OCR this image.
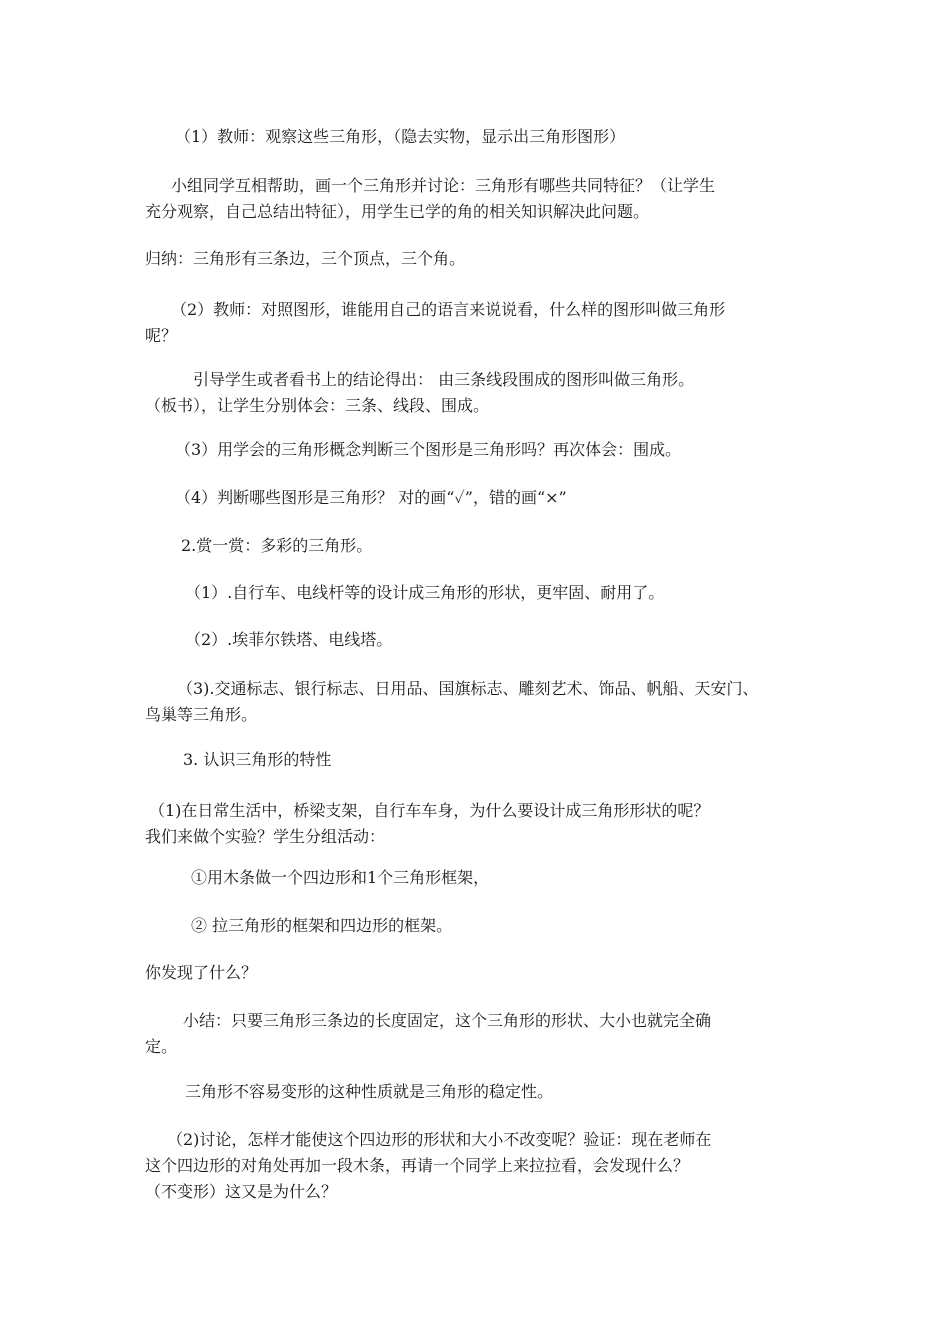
（1）教师：观察这些三角形，（隐去实物，显示出三角形图形）
小组同学互相帮助，画一个三角形并讨论：三角形有哪些共同特征？（让学生
充分观察，自己总结出特征），用学生已学的角的相关知识解决此问题。
归纳：三角形有三条边，三个顶点，三个角。
（2）教师：对照图形，谁能用自己的语言来说说看，什么样的图形叫做三角形
呢？
引导学生或者看书上的结论得出： 由三条线段围成的图形叫做三角形。
（板书），让学生分别体会：三条、线段、围成。
（3）用学会的三角形概念判断三个图形是三角形吗？再次体会：围成。
（4）判断哪些图形是三角形？ 对的画“✓”，错的画“×”
2.赏一赏：多彩的三角形。
（1）.自行车、电线杆等的设计成三角形的形状，更牢固、耐用了。
（2）.埃菲尔铁塔、电线塔。
（3).交通标志、银行标志、日用品、国旗标志、雕刻艺术、饰品、帆船、天安门、
鸟巢等三角形。
3. 认识三角形的特性
（1)在日常生活中，桥梁支架，自行车车身，为什么要设计成三角形形状的呢？
我们来做个实验？学生分组活动：
①用木条做一个四边形和1个三角形框架，
② 拉三角形的框架和四边形的框架。
你发现了什么？
小结：只要三角形三条边的长度固定，这个三角形的形状、大小也就完全确
定。
三角形不容易变形的这种性质就是三角形的稳定性。
（2)讨论，怎样才能使这个四边形的形状和大小不改变呢？验证：现在老师在
这个四边形的对角处再加一段木条，再请一个同学上来拉拉看，会发现什么？
（不变形）这又是为什么？
